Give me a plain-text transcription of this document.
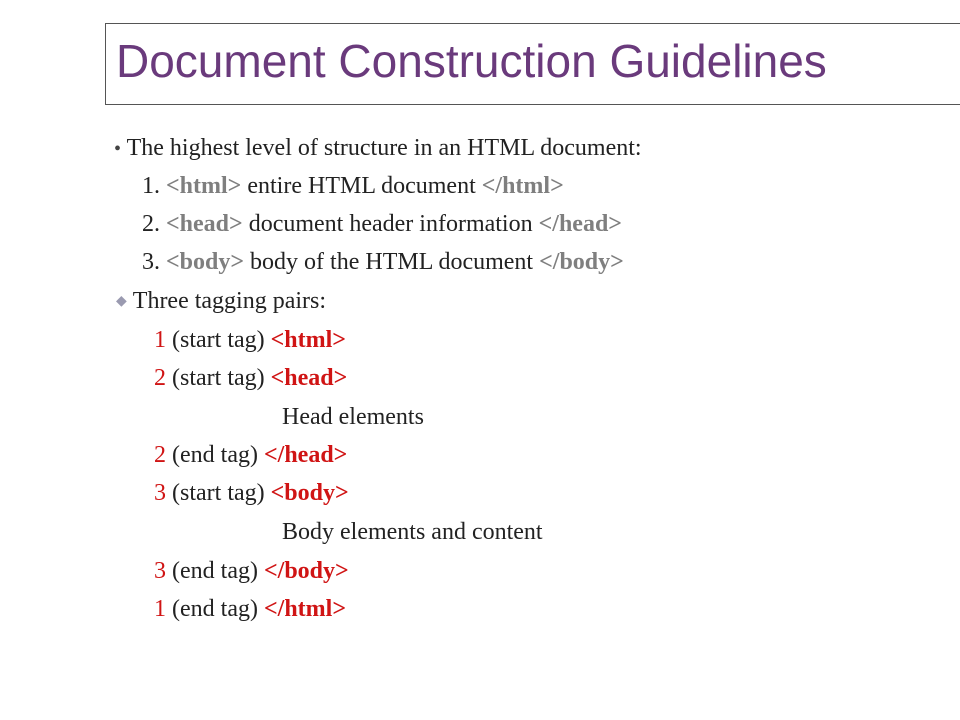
Document Construction Guidelines
• The highest level of structure in an HTML document:
1. <html> entire HTML document </html>
2. <head> document header information </head>
3. <body> body of the HTML document </body>
◆ Three tagging pairs:
1 (start tag) <html>
2 (start tag) <head>
Head elements
2 (end tag) </head>
3 (start tag) <body>
Body elements and content
3 (end tag) </body>
1 (end tag) </html>
